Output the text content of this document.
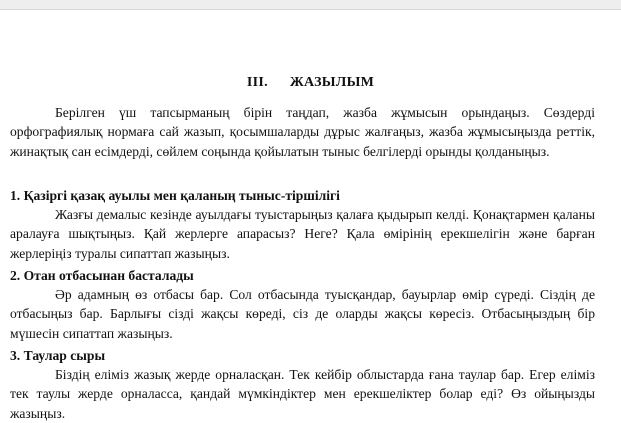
III. ЖАЗЫЛЫМ

Берілген үш тапсырманың бірін таңдап, жазба жұмысын орындаңыз. Сөздерді орфографиялық нормаға сай жазып, қосымшаларды дұрыс жалғаңыз, жазба жұмысыңызда реттік, жинақтық сан есімдерді, сөйлем соңында қойылатын тыныс белгілерді орынды қолданыңыз.

1. Қазіргі қазақ ауылы мен қаланың тыныс-тіршілігі

Жазғы демалыс кезінде ауылдағы туыстарыңыз қалаға қыдырып келді. Қонақтармен қаланы аралауға шықтыңыз. Қай жерлерге апарасыз? Неге? Қала өмірінің ерекшелігін және барған жерлеріңіз туралы сипаттап жазыңыз.

2. Отан отбасынан басталады

Әр адамның өз отбасы бар. Сол отбасында туысқандар, бауырлар өмір сүреді. Сіздің де отбасыңыз бар. Барлығы сізді жақсы көреді, сіз де оларды жақсы көресіз. Отбасыңыздың бір мүшесін сипаттап жазыңыз.

3. Таулар сыры

Біздің еліміз жазық жерде орналасқан. Тек кейбір облыстарда ғана таулар бар. Егер еліміз тек таулы жерде орналасса, қандай мүмкіндіктер мен ерекшеліктер болар еді? Өз ойыңызды жазыңыз.
